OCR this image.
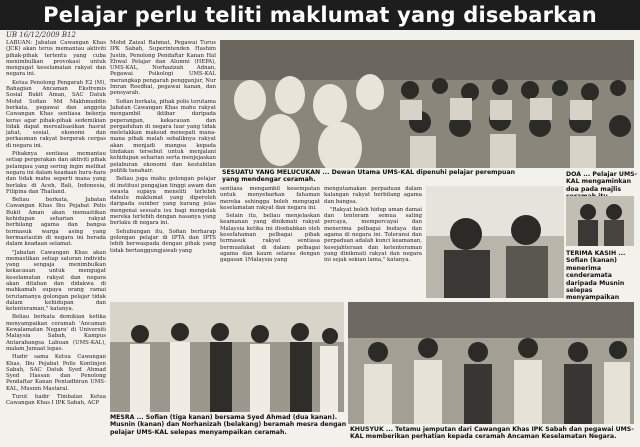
Pelajar perlu teliti maklumat yang disebarkan
UB 16/12/2009 B12

LABUAN: Jabatan Cawangan Khas (JCK) akan terus memantau aktiviti pihak-pihak tertentu yang cuba menimbulkan provokasi untuk mengugat keselamatan rakyat dan negara ini.

Ketua Penolong Pengarah E2 (M), Bahagian Ancaman Ekstremis Sosial Bukit Aman, SAC Datuk Mohd Sofian Md Makhmuddin berkata, pegawai dan anggota Cawangan Khas sentiasa bekerja keras agar pihak-pihak sedemikian tidak dapat merealisasikan hasrat jahat, sosial, ekonomi dan perkauman rakyat bergerak cergas di negara ini.

Pihaknya sentiasa memantau setiap pergerakan dan aktiviti pihak pelampau yang sering ingin melihat negara ini dalam keadaan huru-hara dan tidak mahu seperti mana yang berlaku di Aceh, Bali, Indonesia, Filipina dan Thailand.

Beliau berkata, Jabatan Cawangan Khas Ibu Pejabat Polis Bukit Aman akan memastikan kehidupan seharian rakyat berbilang agama dan bangsa termasuk warga asing yang bermastautin di negara ini berada dalam keadaan selamat.

"Jabatan Cawangan Khas akan memastikan setiap saluran individu yang sengaja menimbulkan kekacauan untuk mengugat keselamatan rakyat dan negara akan ditahan dan didakwa di mahkamah supaya orang ramai terutamanya golongan pelajar tidak dalam kehidupan dan ketenteraman," katanya.

Beliau berkata demikian ketika menyampaikan ceramah 'Ancaman Kewalamatan Negara' di Universiti Malaysia Sabah, Kampus Antarabangsa Labuan (UMS-KAL), malam Jumaat lepas.

Hadir sama Ketua Cawangan Khas, Ibu Pejabat Polis Kontinjen Sabah, SAC Datuk Syed Ahmad Syed Hassan dan Penolong Pendaftar Kanan Pentadbiran UMS-KAL, Musnin Mastaral.

Turut hadir Timbalan Ketua Cawangan Khas I IPK Sabah, ACP

Mohd Zaizal Rahmat, Pegawai Turus IPK Sabah, Superintenden Hashim Justin, Penolong Pendaftar Kanan Hal Ehwal Pelajar dan Alumni (HEPA), UMS-KAL, Norhazizah Adnan, Pegawai Psikologi UMS-KAL merangkap pengarah pengganjur, Nur Imran Reedhal, pegawai kanan, dan pensyarah.

Sofian berkata, pihak polis terutama Jabatan Cawangan Khas mahu rakyat mengambil iktibar daripada peperangan, kekacauan dan pergaduhan di negara luar yang tidak meletakkan maksud menepati mana-mana pihak malah sebaliknya rakyat akan menjadi mangsa kepada tindakan tersebut untuk menjalani kehidupan seharian serta menjejaskan pelaburan ekonomi dan kestabilan politik tanahair.

Beliau juga mahu golongan pelajar di institusi pengajian tinggi awam dan swasta supaya meneliti terlebih dahulu maklumat yang diperoleh daripada sumber yang kurang jelas mengenai sesuatu isu bagi mengelak mereka terlebih dengan nasanya yang berlaku di negara ini.

Sehubungan itu, Sofian berharap golongan pelajar di IPTA dan IPTS lebih berwaspada dengan pihak yang tidak bertanggungjawab yang

sentiasa mengambil kesempatan untuk menyebarkan fahaman mereka sehingga boleh mengugat keselamatan rakyat dan negara ini.

Selain itu, beliau menjelaskan keamanan yang dinikmati rakyat Malaysia ketika ini disebabkan oleh kesefahaman pelbagai pihak termasuk rakyat sentiasa bermuafakat di dalam pelbagai agama dan kaum selaras dengan gagasan 1Malaysia yang

mengutamakan perpaduan dalam kalangan rakyat berbilang agama dan bangsa.

"Rakyat boleh hidup aman damai dan tenteram semua saling percaya, mempercayai dan menerima pelbagai budaya dan agama di negara ini. Toleransi dan perpaduan adalah kunci keamanan, kesejahteraan dan ketenteraman yang dinikmati rakyat dan negara ini sejak sekian lama," katanya.

SESUATU YANG MELUCUKAN ... Dewan Utama UMS-KAL dipenuhi pelajar perempuan yang mendengar ceramah.
DOA ... Pelajar UMS-KAL mengaminkan doa pada majlis
TERIMA KASIH ... Sofian (kanan) menerima cenderamata daripada Musnin selepas menyampaikan
MESRA ... Sofian (tiga kanan) bersama Syed Ahmad (dua kanan). Musnin (kanan) dan Norhanizah (belakang) beramah mesra dengan pelajar UMS-KAL selepas menyampaikan ceramah.	KHUSYUK ... Tetamu jemputan dari Cawangan Khas IPK Sabah dan pegawai UMS-KAL memberikan perhatian kepada ceramah Ancaman Keselamatan Negara.
